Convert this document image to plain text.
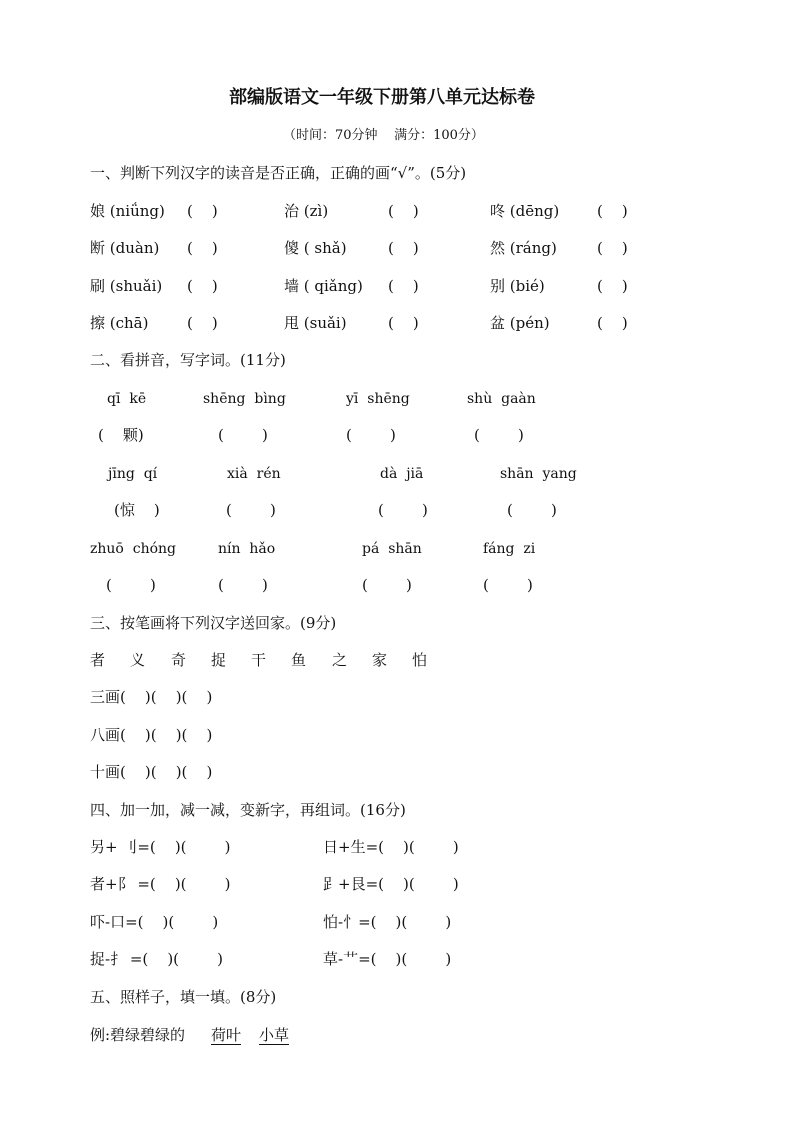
部编版语文一年级下册第八单元达标卷
（时间：70分钟    满分：100分）
一、判断下列汉字的读音是否正确，正确的画“√”。(5分)
娘 (niǘng) (    )	治 (zì)	(    )	咚 (dēng)	(    )
断 (duàn) (    )	傻 ( shǎ)	(    )	然 (ráng)	(    )
刷 (shuǎi) (    )	墙 ( qiǎng) (    )	别 (bié)	(    )
擦 (chā)	(    )	甩 (suǎi)	(    )	盆 (pén)	(    )
二、看拼音，写字词。(11分)
qī  kē	shēng  bìng	yī  shēng	shù  gaàn
(    颗)	(        )	(        )	(        )
jīng  qí	xià  rén	dà  jiā	shān  yang
(惊    )	(        )	(        )	(        )
zhuō  chóng	nín  hǎo	pá  shān	fáng  zi
(        )	(        )	(        )	(        )
三、按笔画将下列汉字送回家。(9分)
者 义 奇 捉 干 鱼 之 家 怕
三画(    )(    )(    )
八画(    )(    )(    )
十画(    )(    )(    )
四、加一加，减一减，变新字，再组词。(16分)
另+ 刂=(    )(        )	日+生=(    )(        )
者+阝 =(    )(        )	𧾷+艮=(    )(        )
吓-口=(    )(        )	怕-忄=(    )(        )
捉-扌 =(    )(        )	草-艹=(    )(        )
五、照样子，填一填。(8分)
例:碧绿碧绿的 荷叶 小草
